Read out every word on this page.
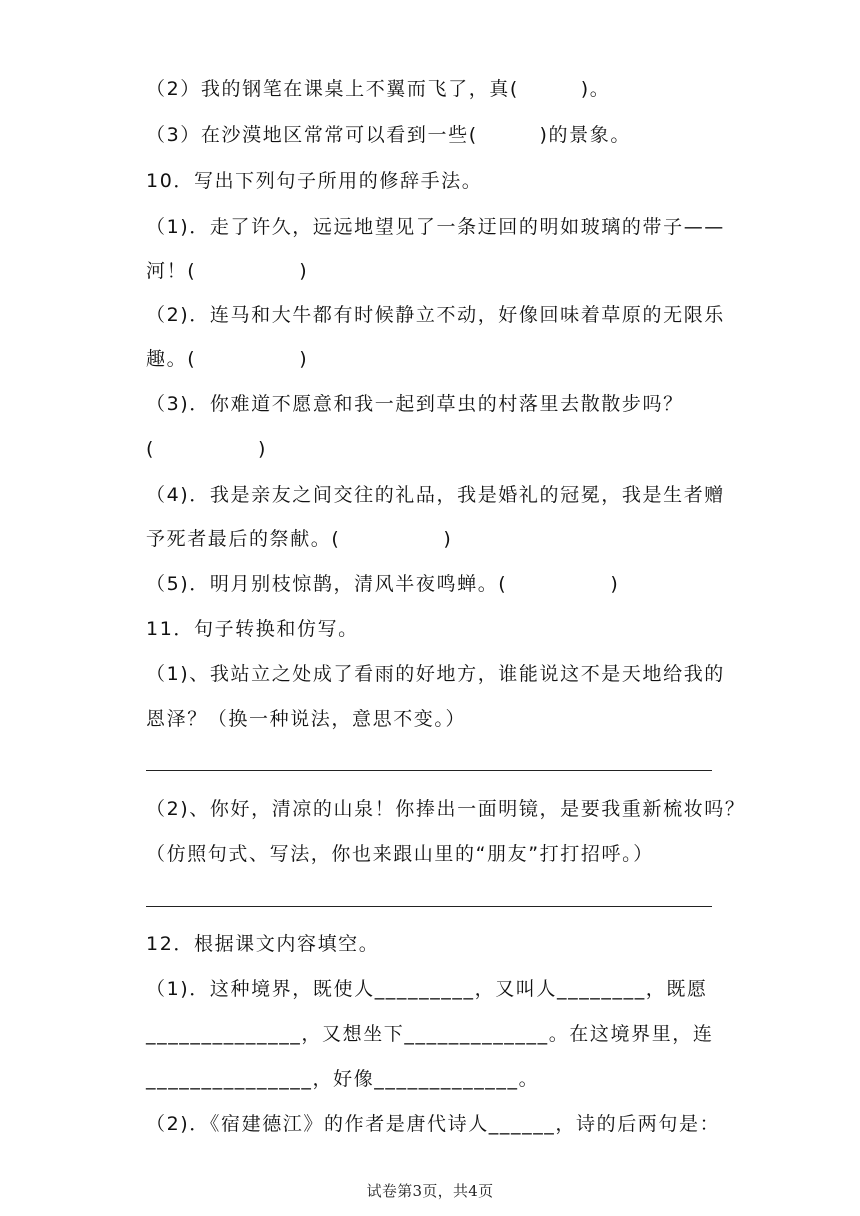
（2）我的钢笔在课桌上不翼而飞了，真(　　　)。
（3）在沙漠地区常常可以看到一些(　　　)的景象。
10．写出下列句子所用的修辞手法。
（1)．走了许久，远远地望见了一条迂回的明如玻璃的带子——
河！(　　　　　)
（2)．连马和大牛都有时候静立不动，好像回味着草原的无限乐
趣。(　　　　　)
（3)．你难道不愿意和我一起到草虫的村落里去散散步吗？
(　　　　　)
（4)．我是亲友之间交往的礼品，我是婚礼的冠冕，我是生者赠
予死者最后的祭献。(　　　　　)
（5)．明月别枝惊鹊，清风半夜鸣蝉。(　　　　　)
11．句子转换和仿写。
（1)、我站立之处成了看雨的好地方，谁能说这不是天地给我的
恩泽？（换一种说法，意思不变。）
（2)、你好，清凉的山泉！你捧出一面明镜，是要我重新梳妆吗？
（仿照句式、写法，你也来跟山里的“朋友”打打招呼。）
12．根据课文内容填空。
（1)．这种境界，既使人_________，又叫人________，既愿
______________，又想坐下_____________。在这境界里，连
_______________，好像_____________。
（2)．《宿建德江》的作者是唐代诗人______，诗的后两句是：
试卷第3页，共4页
